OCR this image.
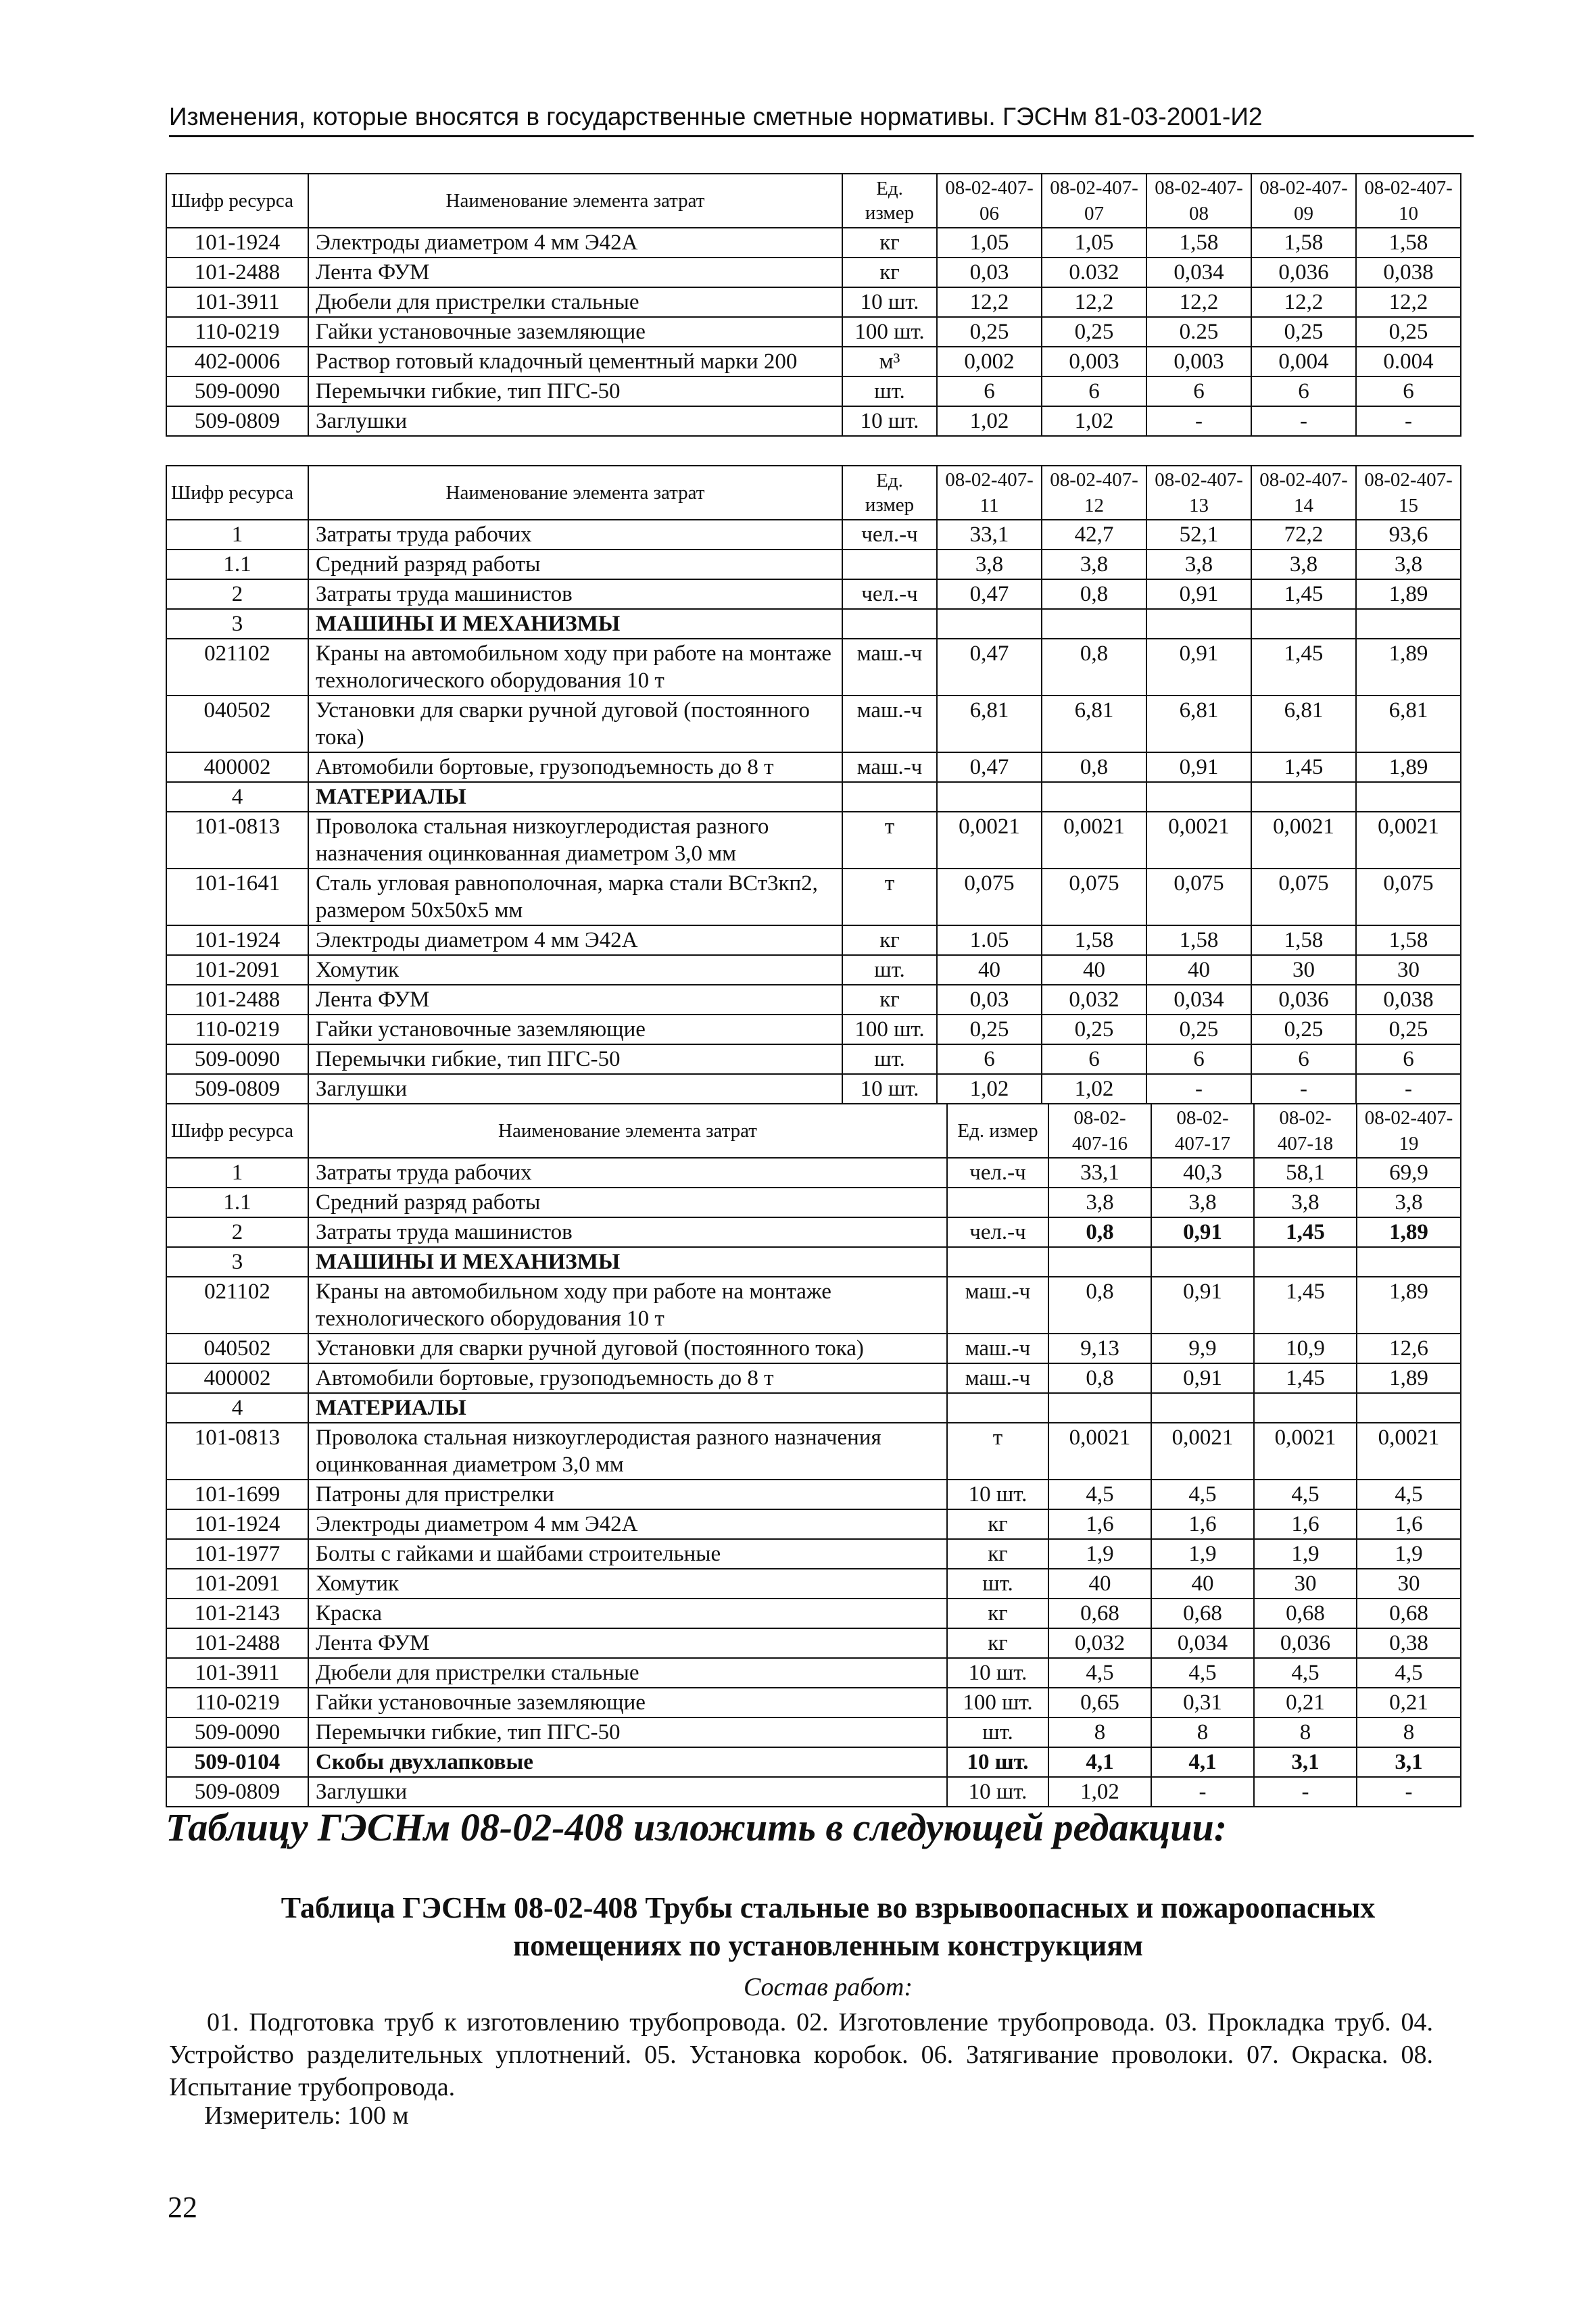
Изменения, которые вносятся в государственные сметные нормативы. ГЭСНм 81-03-2001-И2
Шифр ресурса	Наименование элемента затрат	Ед. измер	08-02-407-06	08-02-407-07	08-02-407-08	08-02-407-09	08-02-407-10
101-1924	Электроды диаметром 4 мм Э42А	кг	1,05	1,05	1,58	1,58	1,58
101-2488	Лента ФУМ	кг	0,03	0.032	0,034	0,036	0,038
101-3911	Дюбели для пристрелки стальные	10 шт.	12,2	12,2	12,2	12,2	12,2
110-0219	Гайки установочные заземляющие	100 шт.	0,25	0,25	0.25	0,25	0,25
402-0006	Раствор готовый кладочный цементный марки 200	м³	0,002	0,003	0,003	0,004	0.004
509-0090	Перемычки гибкие, тип ПГС-50	шт.	6	6	6	6	6
509-0809	Заглушки	10 шт.	1,02	1,02	-	-	-
Шифр ресурса	Наименование элемента затрат	Ед. измер	08-02-407-11	08-02-407-12	08-02-407-13	08-02-407-14	08-02-407-15
1	Затраты труда рабочих	чел.-ч	33,1	42,7	52,1	72,2	93,6
1.1	Средний разряд работы		3,8	3,8	3,8	3,8	3,8
2	Затраты труда машинистов	чел.-ч	0,47	0,8	0,91	1,45	1,89
3	МАШИНЫ И МЕХАНИЗМЫ						
021102	Краны на автомобильном ходу при работе на монтаже технологического оборудования 10 т	маш.-ч	0,47	0,8	0,91	1,45	1,89
040502	Установки для сварки ручной дуговой (постоянного тока)	маш.-ч	6,81	6,81	6,81	6,81	6,81
400002	Автомобили бортовые, грузоподъемность до 8 т	маш.-ч	0,47	0,8	0,91	1,45	1,89
4	МАТЕРИАЛЫ						
101-0813	Проволока стальная низкоуглеродистая разного назначения оцинкованная диаметром 3,0 мм	т	0,0021	0,0021	0,0021	0,0021	0,0021
101-1641	Сталь угловая равнополочная, марка стали ВСт3кп2, размером 50х50х5 мм	т	0,075	0,075	0,075	0,075	0,075
101-1924	Электроды диаметром 4 мм Э42А	кг	1.05	1,58	1,58	1,58	1,58
101-2091	Хомутик	шт.	40	40	40	30	30
101-2488	Лента ФУМ	кг	0,03	0,032	0,034	0,036	0,038
110-0219	Гайки установочные заземляющие	100 шт.	0,25	0,25	0,25	0,25	0,25
509-0090	Перемычки гибкие, тип ПГС-50	шт.	6	6	6	6	6
509-0809	Заглушки	10 шт.	1,02	1,02	-	-	-
Шифр ресурса	Наименование элемента затрат	Ед. измер	08-02-407-16	08-02-407-17	08-02-407-18	08-02-407-19
1	Затраты труда рабочих	чел.-ч	33,1	40,3	58,1	69,9
1.1	Средний разряд работы		3,8	3,8	3,8	3,8
2	Затраты труда машинистов	чел.-ч	0,8	0,91	1,45	1,89
3	МАШИНЫ И МЕХАНИЗМЫ					
021102	Краны на автомобильном ходу при работе на монтаже технологического оборудования 10 т	маш.-ч	0,8	0,91	1,45	1,89
040502	Установки для сварки ручной дуговой (постоянного тока)	маш.-ч	9,13	9,9	10,9	12,6
400002	Автомобили бортовые, грузоподъемность до 8 т	маш.-ч	0,8	0,91	1,45	1,89
4	МАТЕРИАЛЫ					
101-0813	Проволока стальная низкоуглеродистая разного назначения оцинкованная диаметром 3,0 мм	т	0,0021	0,0021	0,0021	0,0021
101-1699	Патроны для пристрелки	10 шт.	4,5	4,5	4,5	4,5
101-1924	Электроды диаметром 4 мм Э42А	кг	1,6	1,6	1,6	1,6
101-1977	Болты с гайками и шайбами строительные	кг	1,9	1,9	1,9	1,9
101-2091	Хомутик	шт.	40	40	30	30
101-2143	Краска	кг	0,68	0,68	0,68	0,68
101-2488	Лента ФУМ	кг	0,032	0,034	0,036	0,38
101-3911	Дюбели для пристрелки стальные	10 шт.	4,5	4,5	4,5	4,5
110-0219	Гайки установочные заземляющие	100 шт.	0,65	0,31	0,21	0,21
509-0090	Перемычки гибкие, тип ПГС-50	шт.	8	8	8	8
509-0104	Скобы двухлапковые	10 шт.	4,1	4,1	3,1	3,1
509-0809	Заглушки	10 шт.	1,02	-	-	-
Таблицу ГЭСНм 08-02-408 изложить в следующей редакции:
Таблица ГЭСНм 08-02-408 Трубы стальные во взрывоопасных и пожароопасных
помещениях по установленным конструкциям
Состав работ:
01. Подготовка труб к изготовлению трубопровода. 02. Изготовление трубопровода. 03. Прокладка труб. 04. Устройство разделительных уплотнений. 05. Установка коробок. 06. Затягивание проволоки. 07. Окраска. 08. Испытание трубопровода.
Измеритель: 100 м
22
